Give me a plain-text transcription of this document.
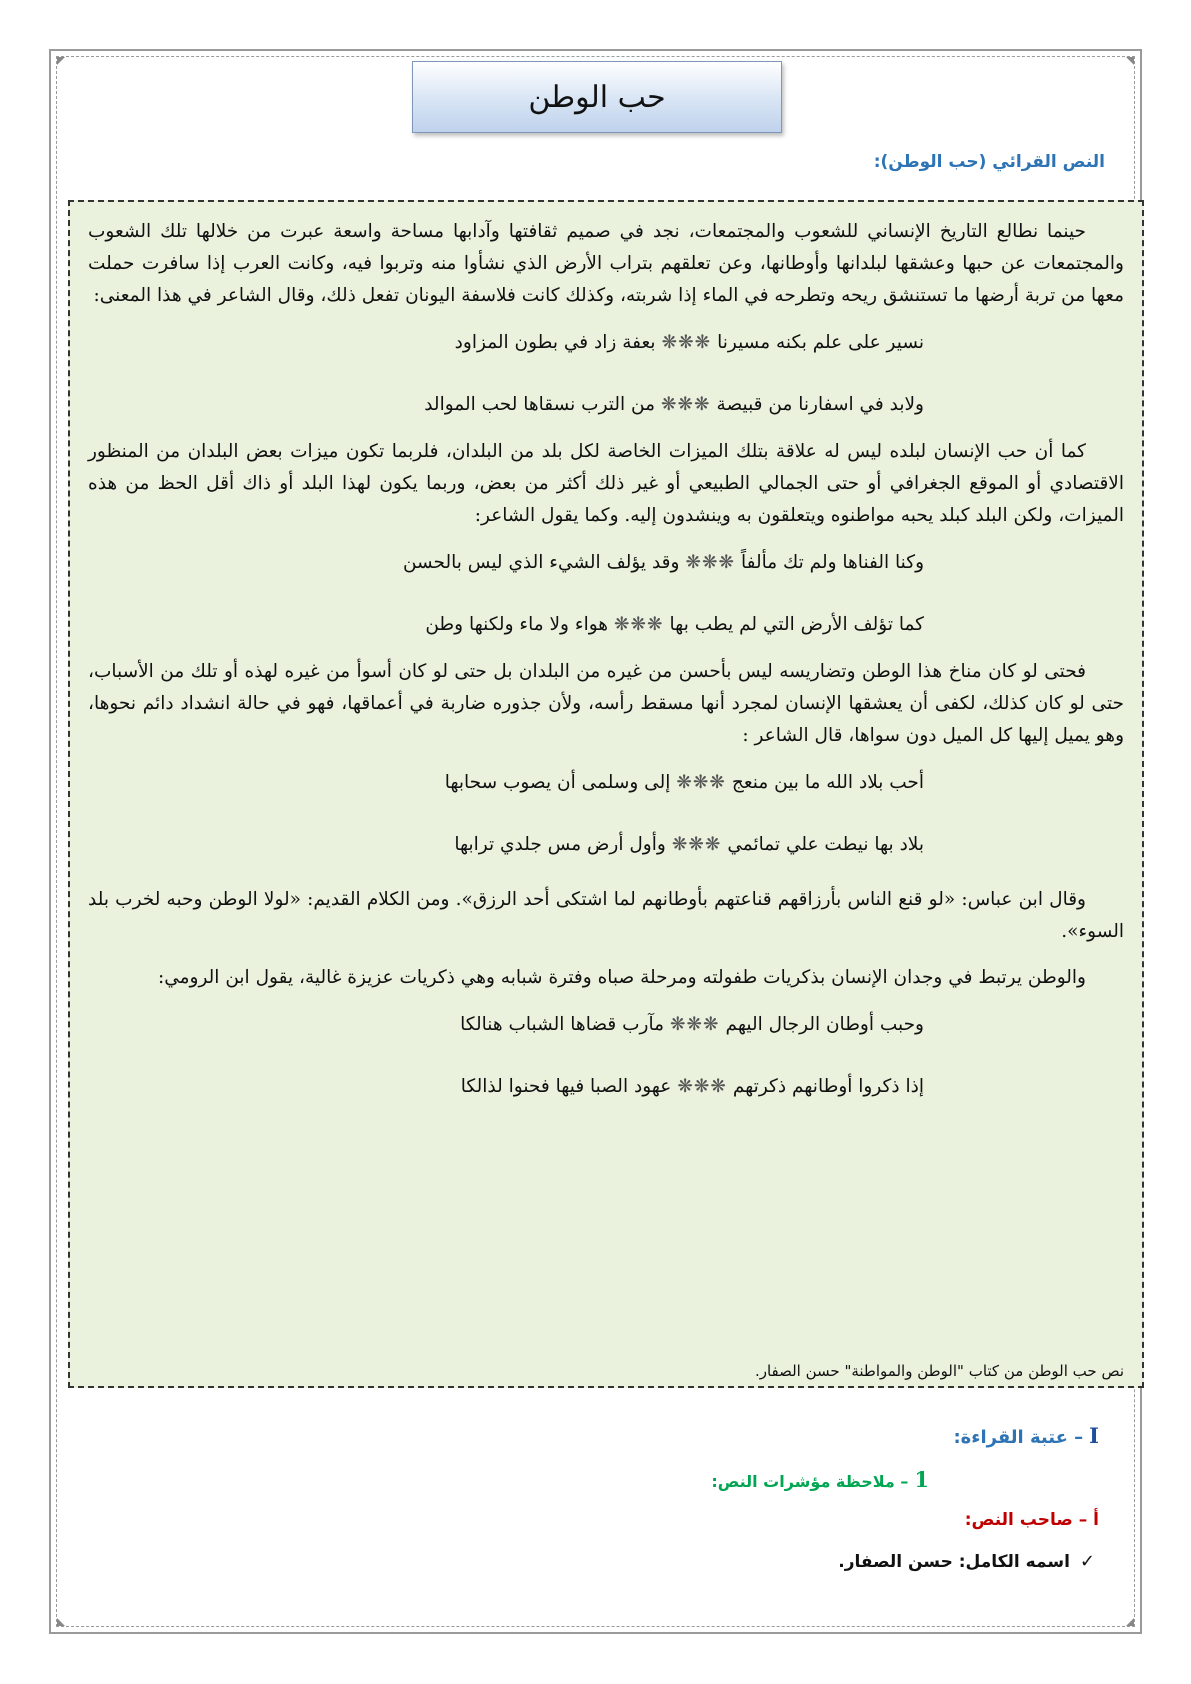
حب الوطن
النص القرائي (حب الوطن):

حينما نطالع التاريخ الإنساني للشعوب والمجتمعات، نجد في صميم ثقافتها وآدابها مساحة واسعة عبرت من خلالها تلك الشعوب والمجتمعات عن حبها وعشقها لبلدانها وأوطانها، وعن تعلقهم بتراب الأرض الذي نشأوا منه وتربوا فيه، وكانت العرب إذا سافرت حملت معها من تربة أرضها ما تستنشق ريحه وتطرحه في الماء إذا شربته، وكذلك كانت فلاسفة اليونان تفعل ذلك، وقال الشاعر في هذا المعنى:

نسير على علم بكنه مسيرنا
❋❋❋
بعفة زاد في بطون المزاود
ولابد في اسفارنا من قبيصة
❋❋❋
من الترب نسقاها لحب الموالد

كما أن حب الإنسان لبلده ليس له علاقة بتلك الميزات الخاصة لكل بلد من البلدان، فلربما تكون ميزات بعض البلدان من المنظور الاقتصادي أو الموقع الجغرافي أو حتى الجمالي الطبيعي أو غير ذلك أكثر من بعض، وربما يكون لهذا البلد أو ذاك أقل الحظ من هذه الميزات، ولكن البلد كبلد يحبه مواطنوه ويتعلقون به وينشدون إليه. وكما يقول الشاعر:

وكنا الفناها ولم تك مألفاً
❋❋❋
وقد يؤلف الشيء الذي ليس بالحسن
كما تؤلف الأرض التي لم يطب بها
❋❋❋
هواء ولا ماء ولكنها وطن

فحتى لو كان مناخ هذا الوطن وتضاريسه ليس بأحسن من غيره من البلدان بل حتى لو كان أسوأ من غيره لهذه أو تلك من الأسباب، حتى لو كان كذلك، لكفى أن يعشقها الإنسان لمجرد أنها مسقط رأسه، ولأن جذوره ضاربة في أعماقها، فهو في حالة انشداد دائم نحوها، وهو يميل إليها كل الميل دون سواها، قال الشاعر :

أحب بلاد الله ما بين منعج
❋❋❋
إلى وسلمى أن يصوب سحابها
بلاد بها نيطت علي تمائمي
❋❋❋
وأول أرض مس جلدي ترابها

وقال ابن عباس: «لو قنع الناس بأرزاقهم قناعتهم بأوطانهم لما اشتكى أحد الرزق». ومن الكلام القديم: «لولا الوطن وحبه لخرب بلد السوء».

والوطن يرتبط في وجدان الإنسان بذكريات طفولته ومرحلة صباه وفترة شبابه وهي ذكريات عزيزة غالية، يقول ابن الرومي:

وحبب أوطان الرجال اليهم
❋❋❋
مآرب قضاها الشباب هنالكا
إذا ذكروا أوطانهم ذكرتهم
❋❋❋
عهود الصبا فيها فحنوا لذالكا
نص حب الوطن من كتاب "الوطن والمواطنة" حسن الصفار.
I– عتبة القراءة:
1– ملاحظة مؤشرات النص:
أ – صاحب النص:
✓
اسمه الكامل: حسن الصفار.
